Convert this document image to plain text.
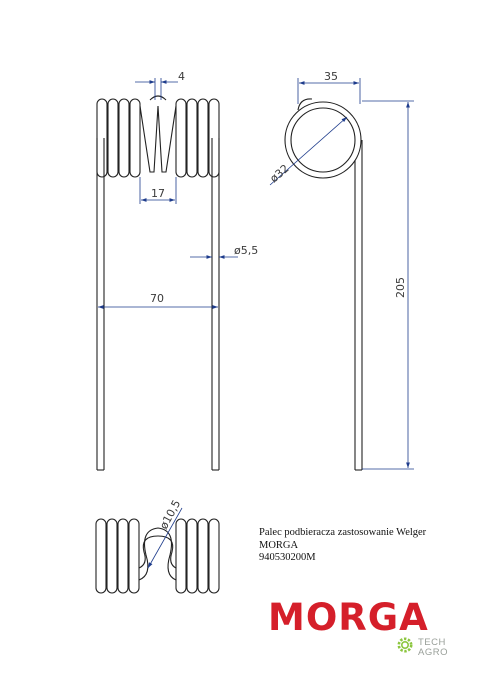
4
17
ø5,5
70
35
ø32
205
ø10,5
Palec podbieracza zastosowanie Welger
MORGA
940530200M
MORGA
TECH
AGRO
